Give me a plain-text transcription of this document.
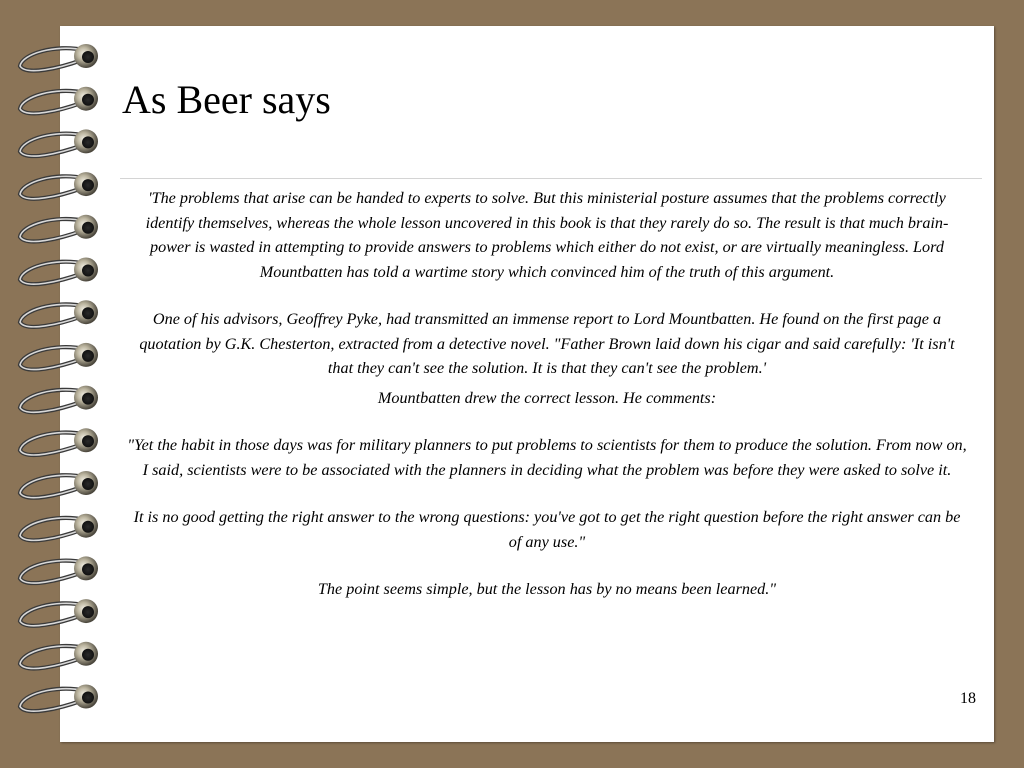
As Beer says

'The problems that arise can be handed to experts to solve. But this ministerial posture assumes that the problems correctly identify themselves, whereas the whole lesson uncovered in this book is that they rarely do so. The result is that much brain-power is wasted in attempting to provide answers to problems which either do not exist, or are virtually meaningless. Lord Mountbatten has told a wartime story which convinced him of the truth of this argument.

One of his advisors, Geoffrey Pyke, had transmitted an immense report to Lord Mountbatten. He found on the first page a quotation by G.K. Chesterton, extracted from a detective novel. "Father Brown laid down his cigar and said carefully: 'It isn't that they can't see the solution. It is that they can't see the problem.'

Mountbatten drew the correct lesson. He comments:

"Yet the habit in those days was for military planners to put problems to scientists for them to produce the solution. From now on, I said, scientists were to be associated with the planners in deciding what the problem was before they were asked to solve it.

It is no good getting the right answer to the wrong questions: you've got to get the right question before the right answer can be of any use."

The point seems simple, but the lesson has by no means been learned."

18
